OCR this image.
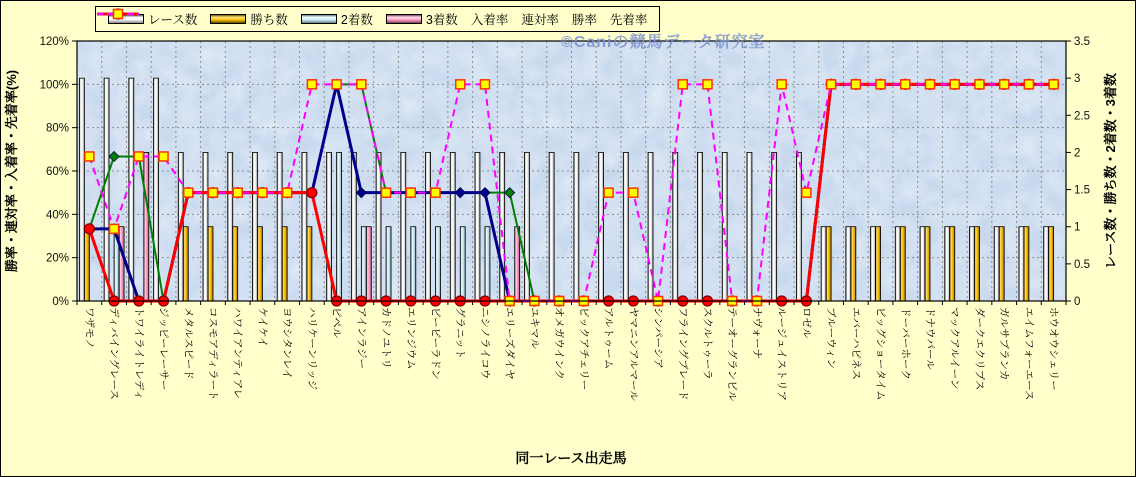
0%
20%
40%
60%
80%
100%
120%
0
0.5
1
1.5
2
2.5
3
3.5
ワザモノ ディバイングレース トワイライトレディ ジッピーレーサー メタルスピード コスモアディラート ハワイアンティアレ ケイケイ ヨウシタンレイ ハリケーンリッジ ピペル アインラジー カドノユトリ エリンジウム ビービーラドン グラニット ニシノライコウ エリーズダイヤ ユキマル オメガウインク ピックアチェリー アルトゥーム ヤマニンアルマール シンパーシア フライングブレード スクルトゥーラ テーオーグランビル ナヴォーナ ルージュイストリア ロゼル ブルーウィン エバーハピネス ビッグショータイム ドーバーホーク ドナウパール マックアルイーン ダークエクリプス ガルサブランカ エイムフォーエース ホウオウシェリー
勝率・連対率・入着率・先着率(%)	レース数・勝ち数・2着数・3着数
同一レース出走馬
レース数	勝ち数	2着数	3着数 入着率 連対率 勝率 先着率
©Caniの競馬データ研究室
